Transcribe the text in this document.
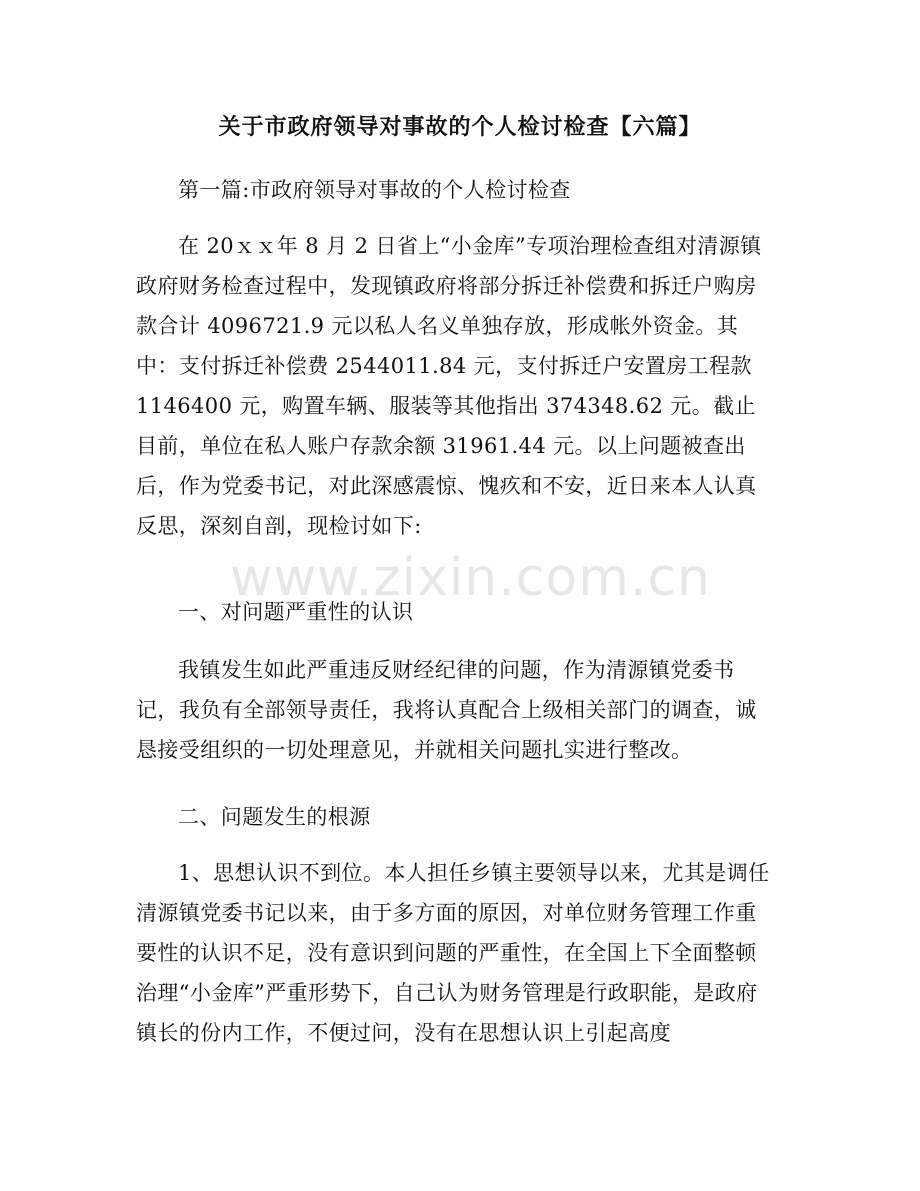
关于市政府领导对事故的个人检讨检查【六篇】

第一篇:市政府领导对事故的个人检讨检查

在 20ｘｘ年 8 月 2 日省上“小金库”专项治理检查组对清源镇政府财务检查过程中，发现镇政府将部分拆迁补偿费和拆迁户购房款合计 4096721.9 元以私人名义单独存放，形成帐外资金。其中：支付拆迁补偿费 2544011.84 元，支付拆迁户安置房工程款 1146400 元，购置车辆、服装等其他指出 374348.62 元。截止目前，单位在私人账户存款余额 31961.44 元。以上问题被查出后，作为党委书记，对此深感震惊、愧疚和不安，近日来本人认真反思，深刻自剖，现检讨如下:

一、对问题严重性的认识

我镇发生如此严重违反财经纪律的问题，作为清源镇党委书记，我负有全部领导责任，我将认真配合上级相关部门的调查，诚恳接受组织的一切处理意见，并就相关问题扎实进行整改。

二、问题发生的根源

1、思想认识不到位。本人担任乡镇主要领导以来，尤其是调任清源镇党委书记以来，由于多方面的原因，对单位财务管理工作重要性的认识不足，没有意识到问题的严重性，在全国上下全面整顿治理“小金库”严重形势下，自己认为财务管理是行政职能，是政府镇长的份内工作，不便过问，没有在思想认识上引起高度

www.zixin.com.cn
